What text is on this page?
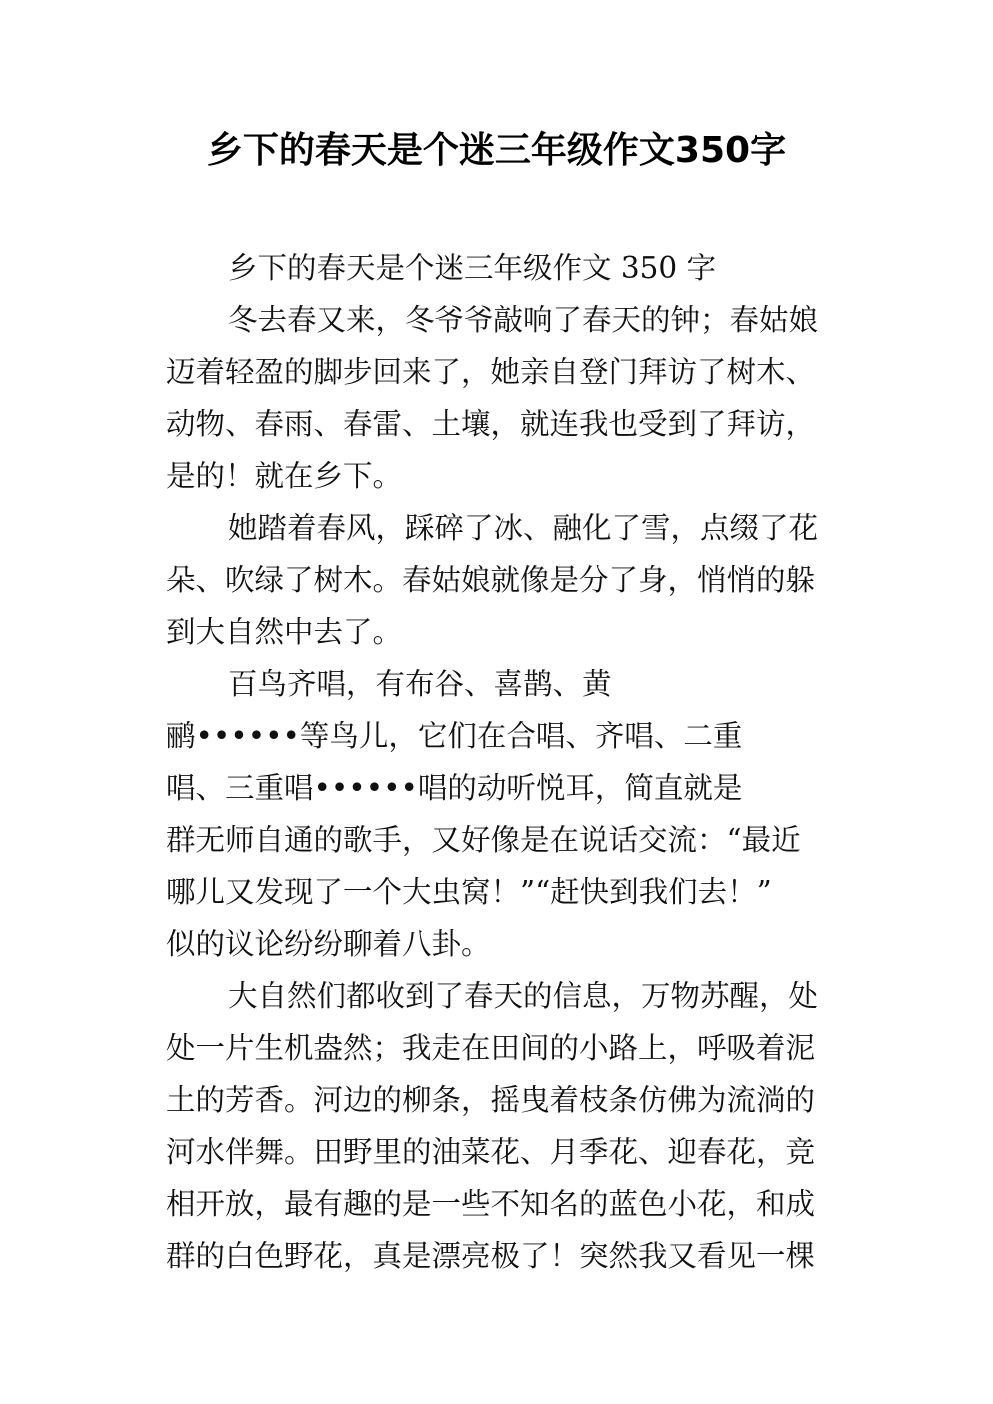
乡下的春天是个迷三年级作文350字
乡下的春天是个迷三年级作文 350 字
冬去春又来，冬爷爷敲响了春天的钟；春姑娘
迈着轻盈的脚步回来了，她亲自登门拜访了树木、
动物、春雨、春雷、土壤，就连我也受到了拜访，
是的！就在乡下。
她踏着春风，踩碎了冰、融化了雪，点缀了花
朵、吹绿了树木。春姑娘就像是分了身，悄悄的躲
到大自然中去了。
百鸟齐唱，有布谷、喜鹊、黄
鹂••••••等鸟儿，它们在合唱、齐唱、二重
唱、三重唱••••••唱的动听悦耳，简直就是
群无师自通的歌手，又好像是在说话交流：“最近
哪儿又发现了一个大虫窝！”“赶快到我们去！”
似的议论纷纷聊着八卦。
大自然们都收到了春天的信息，万物苏醒，处
处一片生机盎然；我走在田间的小路上，呼吸着泥
土的芳香。河边的柳条，摇曳着枝条仿佛为流淌的
河水伴舞。田野里的油菜花、月季花、迎春花，竞
相开放，最有趣的是一些不知名的蓝色小花，和成
群的白色野花，真是漂亮极了！突然我又看见一棵
